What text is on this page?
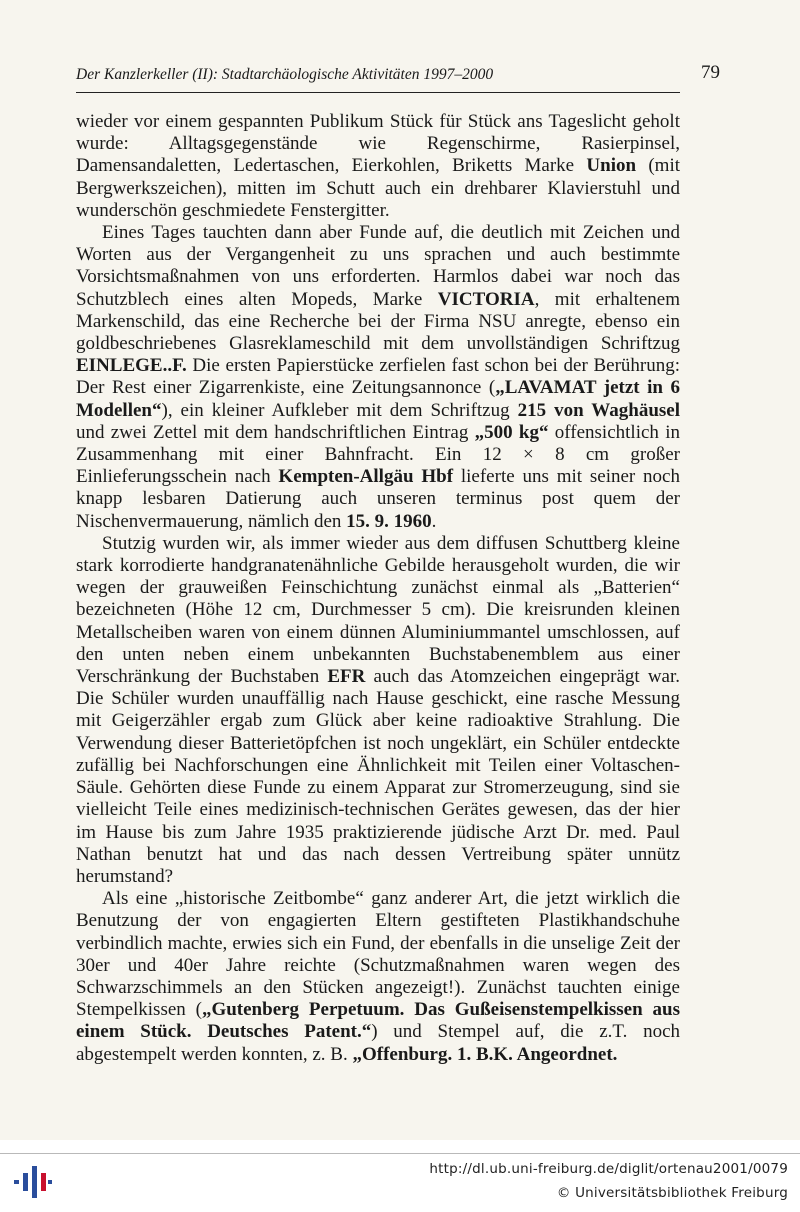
Der Kanzlerkeller (II): Stadtarchäologische Aktivitäten 1997–2000	79

wieder vor einem gespannten Publikum Stück für Stück ans Tageslicht geholt wurde: Alltagsgegenstände wie Regenschirme, Rasierpinsel, Damensandaletten, Ledertaschen, Eierkohlen, Briketts Marke Union (mit Bergwerkszeichen), mitten im Schutt auch ein drehbarer Klavierstuhl und wunderschön geschmiedete Fenstergitter.

Eines Tages tauchten dann aber Funde auf, die deutlich mit Zeichen und Worten aus der Vergangenheit zu uns sprachen und auch bestimmte Vorsichtsmaßnahmen von uns erforderten. Harmlos dabei war noch das Schutzblech eines alten Mopeds, Marke VICTORIA, mit erhaltenem Markenschild, das eine Recherche bei der Firma NSU anregte, ebenso ein goldbeschriebenes Glasreklameschild mit dem unvollständigen Schriftzug EINLEGE..F. Die ersten Papierstücke zerfielen fast schon bei der Berührung: Der Rest einer Zigarrenkiste, eine Zeitungsannonce („LAVAMAT jetzt in 6 Modellen“), ein kleiner Aufkleber mit dem Schriftzug 215 von Waghäusel und zwei Zettel mit dem handschriftlichen Eintrag „500 kg“ offensichtlich in Zusammenhang mit einer Bahnfracht. Ein 12 × 8 cm großer Einlieferungsschein nach Kempten-Allgäu Hbf lieferte uns mit seiner noch knapp lesbaren Datierung auch unseren terminus post quem der Nischenvermauerung, nämlich den 15. 9. 1960.

Stutzig wurden wir, als immer wieder aus dem diffusen Schuttberg kleine stark korrodierte handgranatenähnliche Gebilde herausgeholt wurden, die wir wegen der grauweißen Feinschichtung zunächst einmal als „Batterien“ bezeichneten (Höhe 12 cm, Durchmesser 5 cm). Die kreisrunden kleinen Metallscheiben waren von einem dünnen Aluminiummantel umschlossen, auf den unten neben einem unbekannten Buchstabenemblem aus einer Verschränkung der Buchstaben EFR auch das Atomzeichen eingeprägt war. Die Schüler wurden unauffällig nach Hause geschickt, eine rasche Messung mit Geigerzähler ergab zum Glück aber keine radioaktive Strahlung. Die Verwendung dieser Batterietöpfchen ist noch ungeklärt, ein Schüler entdeckte zufällig bei Nachforschungen eine Ähnlichkeit mit Teilen einer Voltaschen-Säule. Gehörten diese Funde zu einem Apparat zur Stromerzeugung, sind sie vielleicht Teile eines medizinisch-technischen Gerätes gewesen, das der hier im Hause bis zum Jahre 1935 praktizierende jüdische Arzt Dr. med. Paul Nathan benutzt hat und das nach dessen Vertreibung später unnütz herumstand?

Als eine „historische Zeitbombe“ ganz anderer Art, die jetzt wirklich die Benutzung der von engagierten Eltern gestifteten Plastikhandschuhe verbindlich machte, erwies sich ein Fund, der ebenfalls in die unselige Zeit der 30er und 40er Jahre reichte (Schutzmaßnahmen waren wegen des Schwarzschimmels an den Stücken angezeigt!). Zunächst tauchten einige Stempelkissen („Gutenberg Perpetuum. Das Gußeisenstempelkissen aus einem Stück. Deutsches Patent.“) und Stempel auf, die z.T. noch abgestempelt werden konnten, z. B. „Offenburg. 1. B.K. Angeordnet.

http://dl.ub.uni-freiburg.de/diglit/ortenau2001/0079
© Universitätsbibliothek Freiburg
